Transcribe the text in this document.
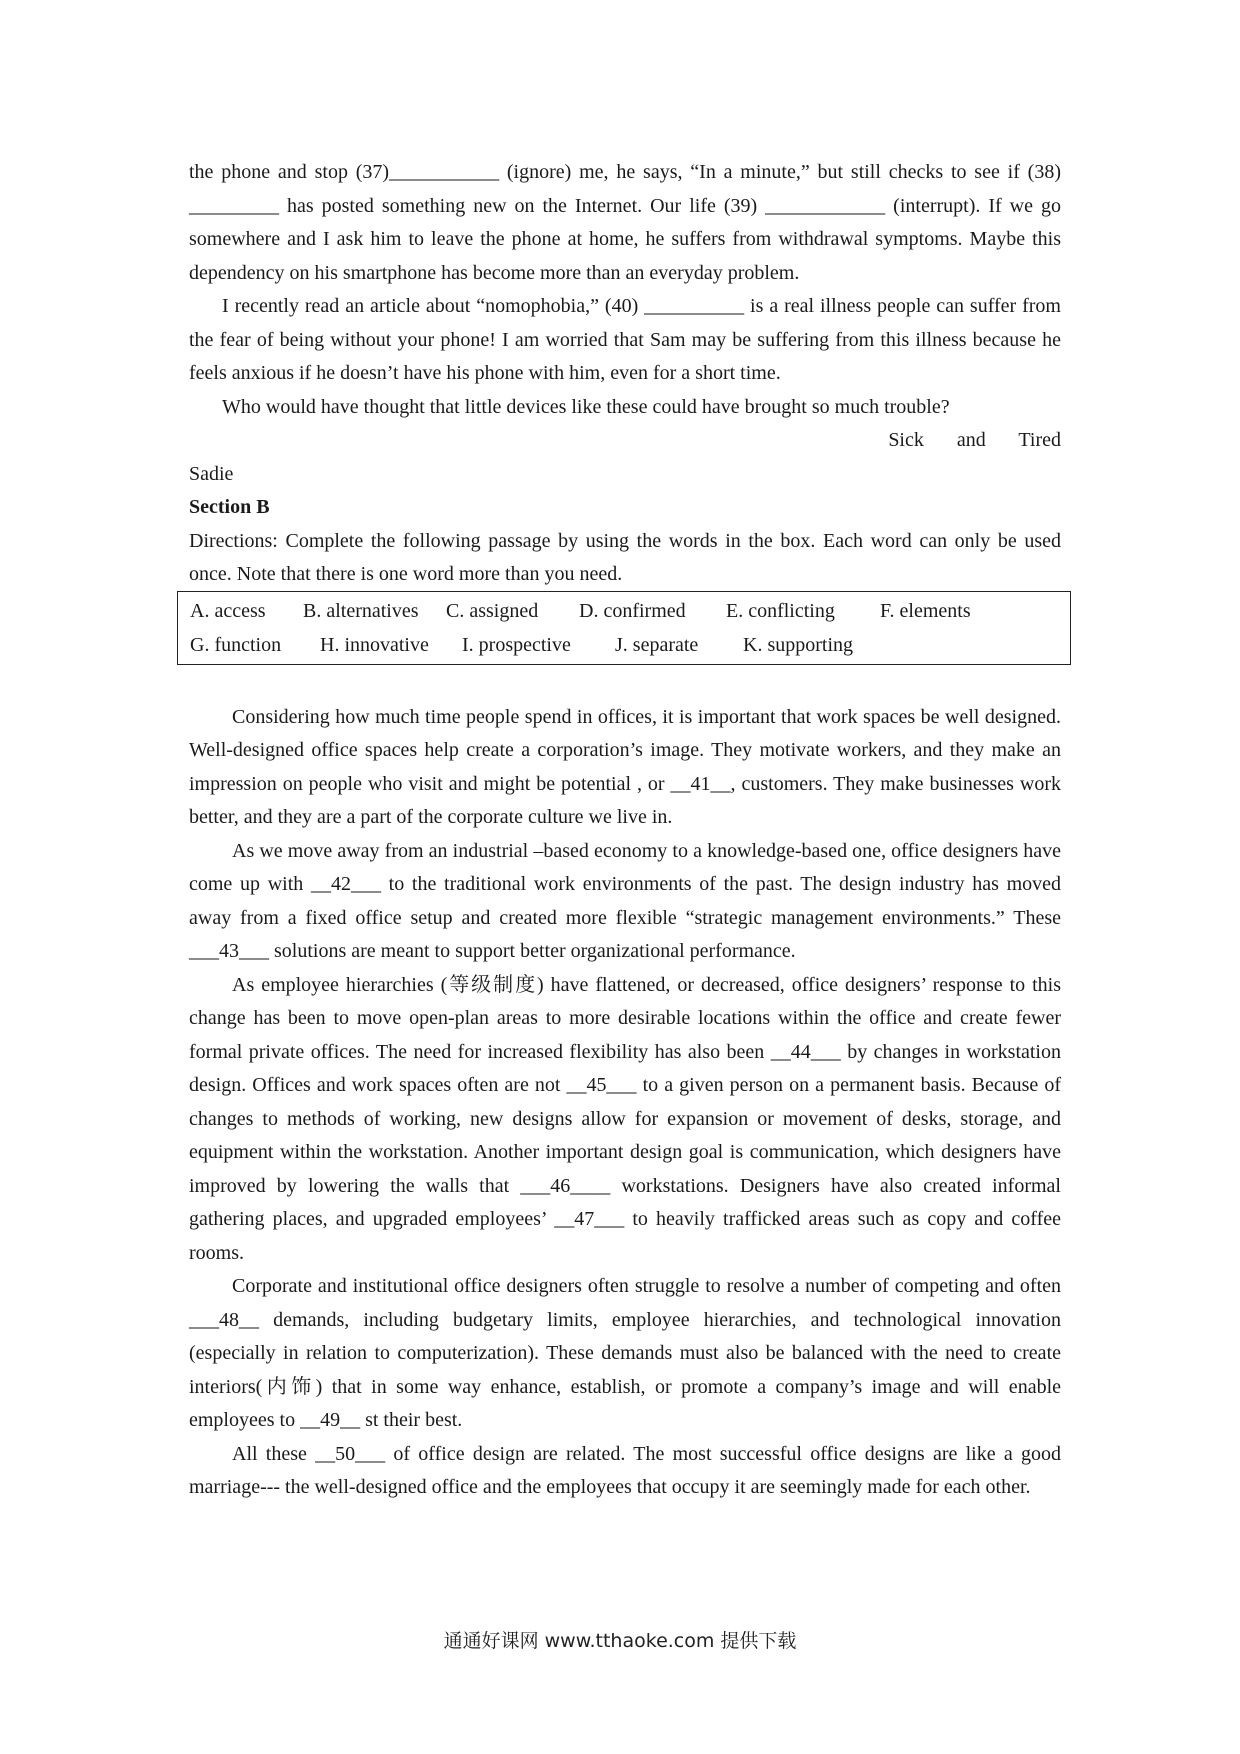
the phone and stop (37)___________ (ignore) me, he says, “In a minute,” but still checks to see if (38) _________ has posted something new on the Internet. Our life (39) ____________ (interrupt). If we go somewhere and I ask him to leave the phone at home, he suffers from withdrawal symptoms. Maybe this dependency on his smartphone has become more than an everyday problem.

I recently read an article about “nomophobia,” (40) __________ is a real illness people can suffer from the fear of being without your phone! I am worried that Sam may be suffering from this illness because he feels anxious if he doesn’t have his phone with him, even for a short time.

Who would have thought that little devices like these could have brought so much trouble?

Sick and Tired
Sadie
Section B

Directions: Complete the following passage by using the words in the box. Each word can only be used once. Note that there is one word more than you need.

A. access	B. alternatives	C. assigned	D. confirmed	E. conflicting	F. elements
G. function	H. innovative	I. prospective	J. separate	K. supporting

Considering how much time people spend in offices, it is important that work spaces be well designed. Well-designed office spaces help create a corporation’s image. They motivate workers, and they make an impression on people who visit and might be potential , or __41__, customers. They make businesses work better, and they are a part of the corporate culture we live in.

As we move away from an industrial –based economy to a knowledge-based one, office designers have come up with __42___ to the traditional work environments of the past. The design industry has moved away from a fixed office setup and created more flexible “strategic management environments.” These ___43___ solutions are meant to support better organizational performance.

As employee hierarchies (等级制度) have flattened, or decreased, office designers’ response to this change has been to move open-plan areas to more desirable locations within the office and create fewer formal private offices. The need for increased flexibility has also been __44___ by changes in workstation design. Offices and work spaces often are not __45___ to a given person on a permanent basis. Because of changes to methods of working, new designs allow for expansion or movement of desks, storage, and equipment within the workstation. Another important design goal is communication, which designers have improved by lowering the walls that ___46____ workstations. Designers have also created informal gathering places, and upgraded employees’ __47___ to heavily trafficked areas such as copy and coffee rooms.

Corporate and institutional office designers often struggle to resolve a number of competing and often ___48__ demands, including budgetary limits, employee hierarchies, and technological innovation (especially in relation to computerization). These demands must also be balanced with the need to create interiors(内饰) that in some way enhance, establish, or promote a company’s image and will enable employees to __49__ st their best.

All these __50___ of office design are related. The most successful office designs are like a good marriage--- the well-designed office and the employees that occupy it are seemingly made for each other.

通通好课网 www.tthaoke.com 提供下载
